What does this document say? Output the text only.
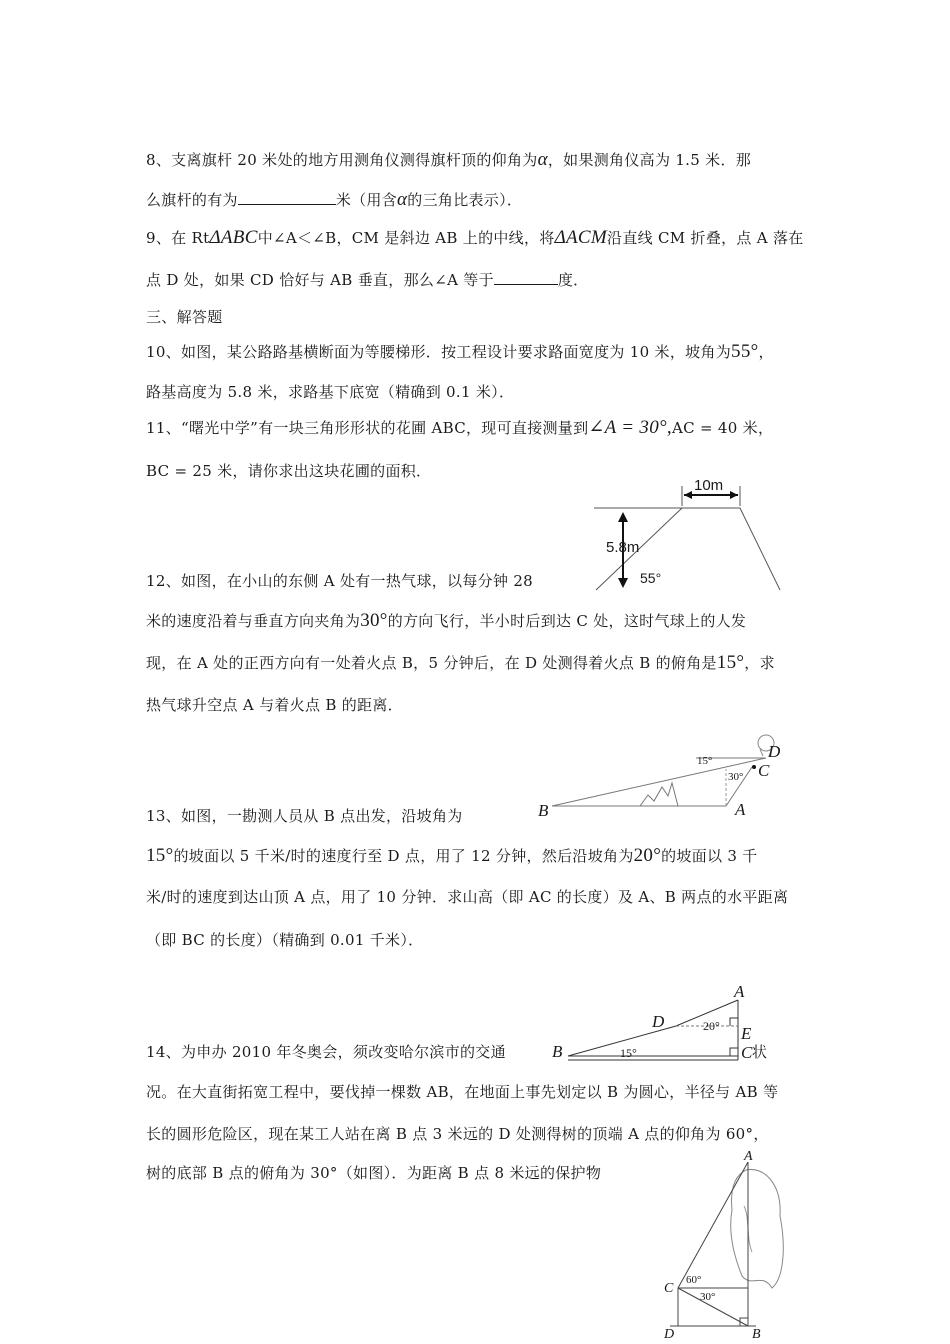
8、支离旗杆 20 米处的地方用测角仪测得旗杆顶的仰角为α，如果测角仪高为 1.5 米．那
么旗杆的有为	米（用含α的三角比表示）．
9、在 RtΔABC中∠A＜∠B，CM 是斜边 AB 上的中线，将ΔACM沿直线 CM 折叠，点 A 落在
点 D 处，如果 CD 恰好与 AB 垂直，那么∠A 等于	度．
三、解答题
10、如图，某公路路基横断面为等腰梯形．按工程设计要求路面宽度为 10 米，坡角为55°，
路基高度为 5.8 米，求路基下底宽（精确到 0.1 米）．
11、“曙光中学”有一块三角形形状的花圃 ABC，现可直接测量到∠A = 30°,AC = 40 米，
BC = 25 米，请你求出这块花圃的面积．
10m
5.8m
55°
12、如图，在小山的东侧 A 处有一热气球，以每分钟 28
米的速度沿着与垂直方向夹角为30°的方向飞行，半小时后到达 C 处，这时气球上的人发
现，在 A 处的正西方向有一处着火点 B，5 分钟后，在 D 处测得着火点 B 的俯角是15°，求
热气球升空点 A 与着火点 B 的距离．
D
C
B	A
15°
30°
13、如图，一勘测人员从 B 点出发，沿坡角为
15°的坡面以 5 千米/时的速度行至 D 点，用了 12 分钟，然后沿坡角为20°的坡面以 3 千
米/时的速度到达山顶 A 点，用了 10 分钟．求山高（即 AC 的长度）及 A、B 两点的水平距离
（即 BC 的长度）（精确到 0.01 千米）．
A
D
E
B	C
20°
15°
14、为申办 2010 年冬奥会，须改变哈尔滨市的交通	状
况。在大直街拓宽工程中，要伐掉一棵数 AB，在地面上事先划定以 B 为圆心，半径与 AB 等
长的圆形危险区，现在某工人站在离 B 点 3 米远的 D 处测得树的顶端 A 点的仰角为 60°，
树的底部 B 点的俯角为 30°（如图）．为距离 B 点 8 米远的保护物
A
C
D	B
60°
30°
